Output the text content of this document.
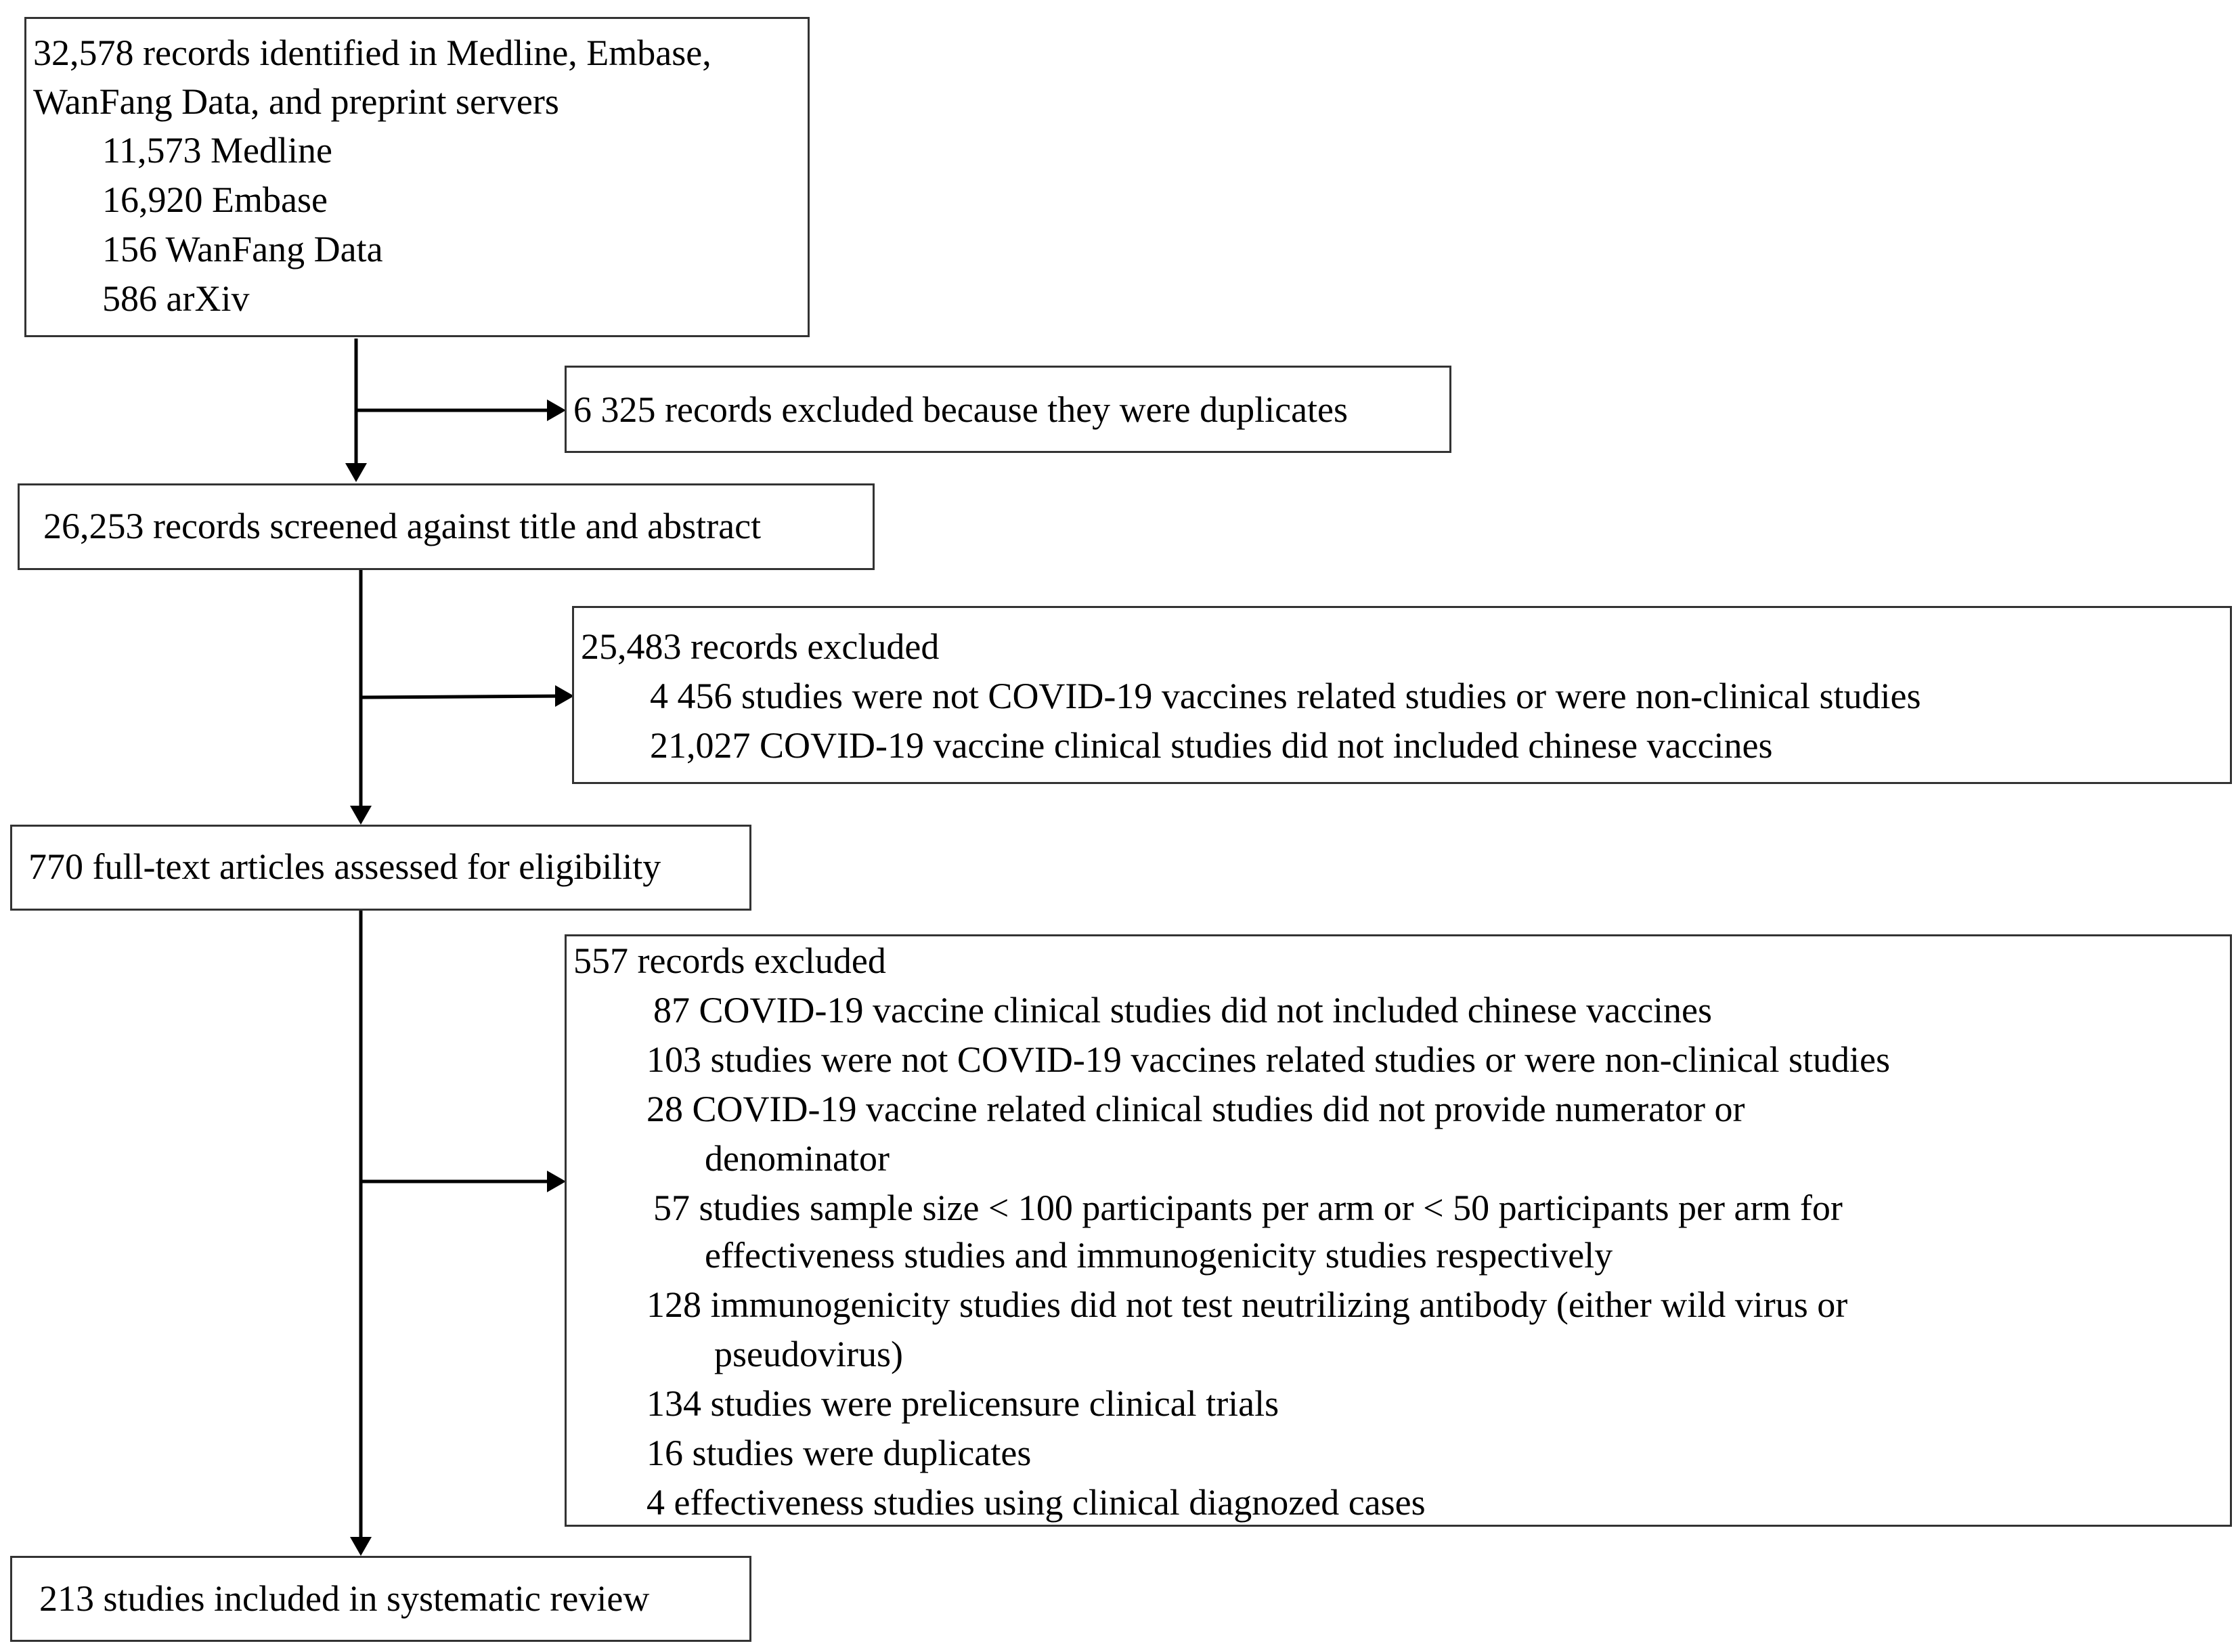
32,578 records identified in Medline, Embase,
WanFang Data, and preprint servers
11,573 Medline
16,920 Embase
156 WanFang Data
586 arXiv
6 325 records excluded because they were duplicates
26,253 records screened against title and abstract
25,483 records excluded
4 456 studies were not COVID-19 vaccines related studies or were non-clinical studies
21,027 COVID-19 vaccine clinical studies did not included chinese vaccines
770 full-text articles assessed for eligibility
557 records excluded
87 COVID-19 vaccine clinical studies did not included chinese vaccines
103 studies were not COVID-19 vaccines related studies or were non-clinical studies
28 COVID-19 vaccine related clinical studies did not provide numerator or
denominator
57 studies sample size < 100 participants per arm or < 50 participants per arm for
effectiveness studies and immunogenicity studies respectively
128 immunogenicity studies did not test neutrilizing antibody (either wild virus or
pseudovirus)
134 studies were prelicensure clinical trials
16 studies were duplicates
4 effectiveness studies using clinical diagnozed cases
213 studies included in systematic review
